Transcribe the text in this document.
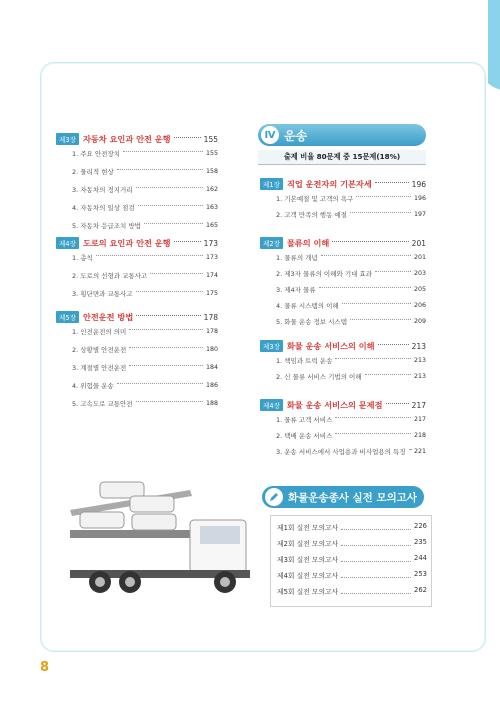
제3장 자동차 요인과 안전 운행	155
1. 주요 안전장치	155
2. 물리적 현상	158
3. 자동차의 정지거리	162
4. 자동차의 일상 점검	163
5. 자동차 응급조치 방법	165
제4장 도로의 요인과 안전 운행	173
1. 총칙	173
2. 도로의 선형과 교통사고	174
3. 횡단면과 교통사고	175
제5장 안전운전 방법	178
1. 인전운전의 의미	178
2. 상황별 안전운전	180
3. 계절별 안전운전	184
4. 위험물 운송	186
5. 고속도로 교통안전	188
Ⅳ 운송
출제 비율 80문제 중 15문제(18%)
제1장 직업 운전자의 기본자세	196
1. 기본예절 및 고객의 욕구	196
2. 고객 만족의 행동 예절	197
제2장 물류의 이해	201
1. 물류의 개념	201
2. 제3자 물류의 이해와 기대 효과	203
3. 제4자 물류	205
4. 물류 시스템의 이해	206
5. 화물 운송 정보 시스템	209
제3장 화물 운송 서비스의 이해	213
1. 책임과 트럭 운송	213
2. 신 물류 서비스 기법의 이해	213
제4장 화물 운송 서비스의 문제점	217
1. 물류 고객 서비스	217
2. 택배 운송 서비스	218
3. 운송 서비스에서 사업용과 비사업용의 특징 221
화물운송종사 실전 모의고사
제1회 실전 모의고사	226
제2회 실전 모의고사	235
제3회 실전 모의고사	244
제4회 실전 모의고사	253
제5회 실전 모의고사	262
8
